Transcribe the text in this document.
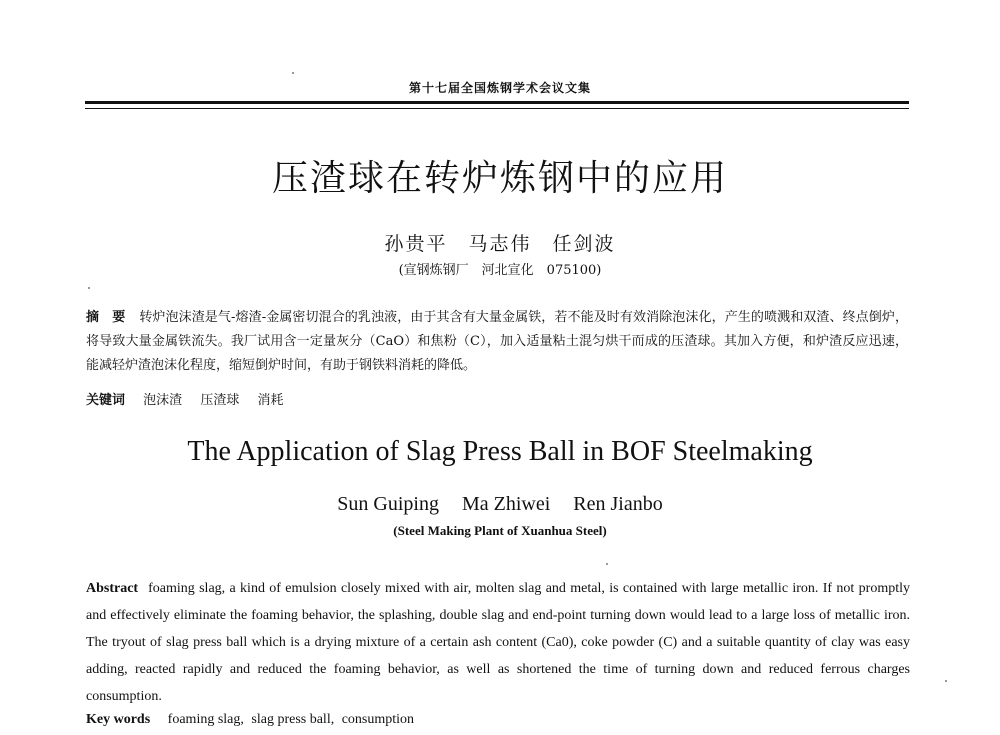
第十七届全国炼钢学术会议文集
压渣球在转炉炼钢中的应用
孙贵平　马志伟　任剑波
(宣钢炼钢厂　河北宣化　075100)
摘　要 转炉泡沫渣是气-熔渣-金属密切混合的乳浊液，由于其含有大量金属铁，若不能及时有效消除泡沫化，产生的喷溅和双渣、终点倒炉，将导致大量金属铁流失。我厂试用含一定量灰分（CaO）和焦粉（C），加入适量粘土混匀烘干而成的压渣球。其加入方便，和炉渣反应迅速，能减轻炉渣泡沫化程度，缩短倒炉时间，有助于钢铁料消耗的降低。
关键词 泡沫渣 压渣球 消耗
The Application of Slag Press Ball in BOF Steelmaking
Sun Guiping Ma Zhiwei Ren Jianbo
(Steel Making Plant of Xuanhua Steel)
Abstract foaming slag, a kind of emulsion closely mixed with air, molten slag and metal, is contained with large metallic iron. If not promptly and effectively eliminate the foaming behavior, the splashing, double slag and end-point turning down would lead to a large loss of metallic iron. The tryout of slag press ball which is a drying mixture of a certain ash content (Ca0), coke powder (C) and a suitable quantity of clay was easy adding, reacted rapidly and reduced the foaming behavior, as well as shortened the time of turning down and reduced ferrous charges consumption.
Key words foaming slag, slag press ball, consumption
